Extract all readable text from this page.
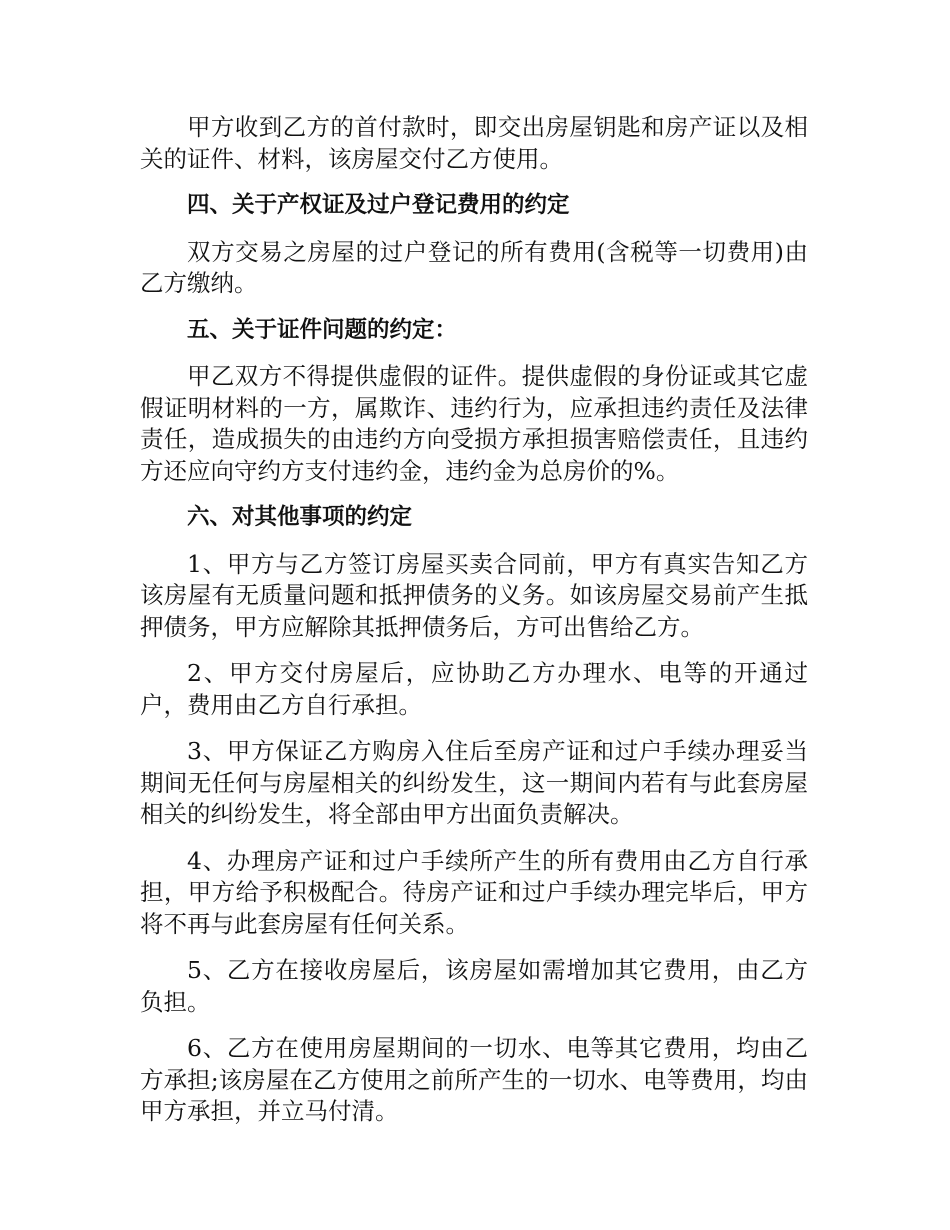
甲方收到乙方的首付款时，即交出房屋钥匙和房产证以及相关的证件、材料，该房屋交付乙方使用。

四、关于产权证及过户登记费用的约定

双方交易之房屋的过户登记的所有费用(含税等一切费用)由乙方缴纳。

五、关于证件问题的约定：

甲乙双方不得提供虚假的证件。提供虚假的身份证或其它虚假证明材料的一方，属欺诈、违约行为，应承担违约责任及法律责任，造成损失的由违约方向受损方承担损害赔偿责任，且违约方还应向守约方支付违约金，违约金为总房价的%。

六、对其他事项的约定

1、甲方与乙方签订房屋买卖合同前，甲方有真实告知乙方该房屋有无质量问题和抵押债务的义务。如该房屋交易前产生抵押债务，甲方应解除其抵押债务后，方可出售给乙方。

2、甲方交付房屋后，应协助乙方办理水、电等的开通过户，费用由乙方自行承担。

3、甲方保证乙方购房入住后至房产证和过户手续办理妥当期间无任何与房屋相关的纠纷发生，这一期间内若有与此套房屋相关的纠纷发生，将全部由甲方出面负责解决。

4、办理房产证和过户手续所产生的所有费用由乙方自行承担，甲方给予积极配合。待房产证和过户手续办理完毕后，甲方将不再与此套房屋有任何关系。

5、乙方在接收房屋后，该房屋如需增加其它费用，由乙方负担。

6、乙方在使用房屋期间的一切水、电等其它费用，均由乙方承担;该房屋在乙方使用之前所产生的一切水、电等费用，均由甲方承担，并立马付清。
